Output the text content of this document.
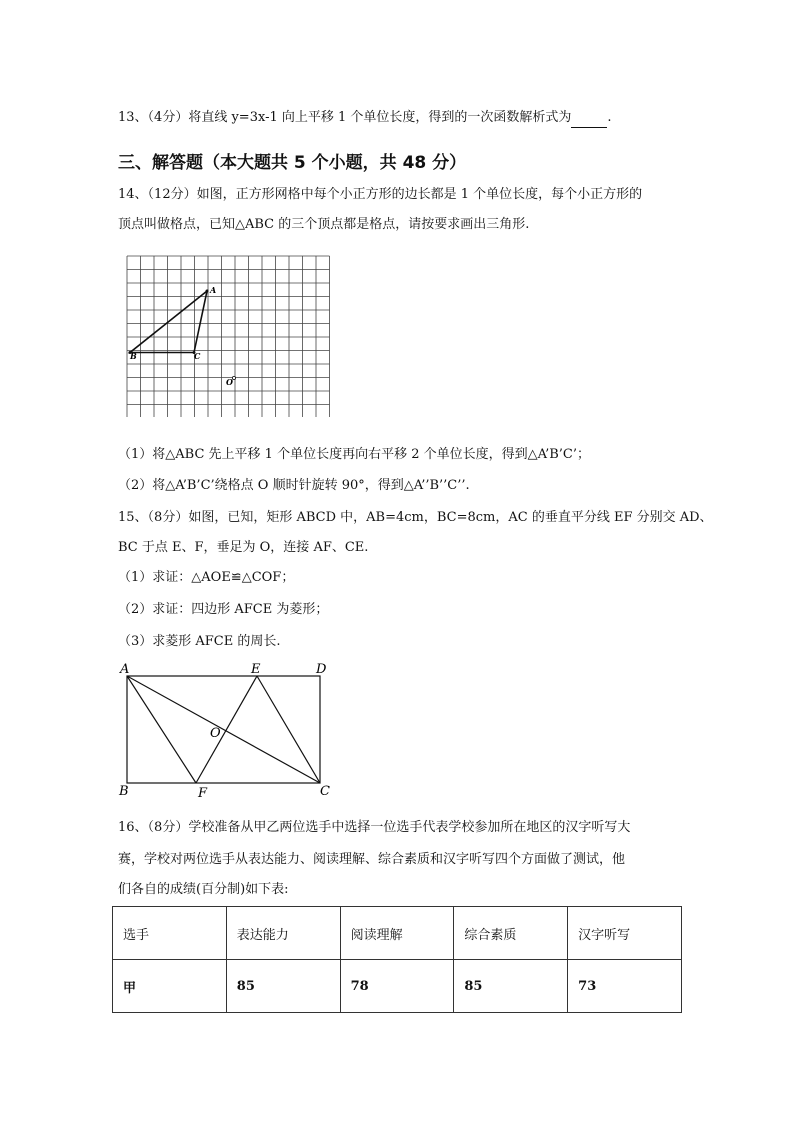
13、（4分）将直线 y=3x-1 向上平移 1 个单位长度，得到的一次函数解析式为	.
三、解答题（本大题共 5 个小题，共 48 分）
14、（12分）如图，正方形网格中每个小正方形的边长都是 1 个单位长度，每个小正方形的
顶点叫做格点，已知△ABC 的三个顶点都是格点，请按要求画出三角形.
A
B	C
O
（1）将△ABC 先上平移 1 个单位长度再向右平移 2 个单位长度，得到△A’B’C’；
（2）将△A’B’C’绕格点 O 顺时针旋转 90°，得到△A’’B’’C’’.
15、（8分）如图，已知，矩形 ABCD 中，AB=4cm，BC=8cm，AC 的垂直平分线 EF 分别交 AD、
BC 于点 E、F，垂足为 O，连接 AF、CE.
（1）求证：△AOE≌△COF；
（2）求证：四边形 AFCE 为菱形；
（3）求菱形 AFCE 的周长.
A	E	D
O
B	F	C
16、（8分）学校准备从甲乙两位选手中选择一位选手代表学校参加所在地区的汉字听写大
赛，学校对两位选手从表达能力、阅读理解、综合素质和汉字听写四个方面做了测试，他
们各自的成绩(百分制)如下表:
选手	表达能力	阅读理解	综合素质	汉字听写
甲	85	78	85	73
